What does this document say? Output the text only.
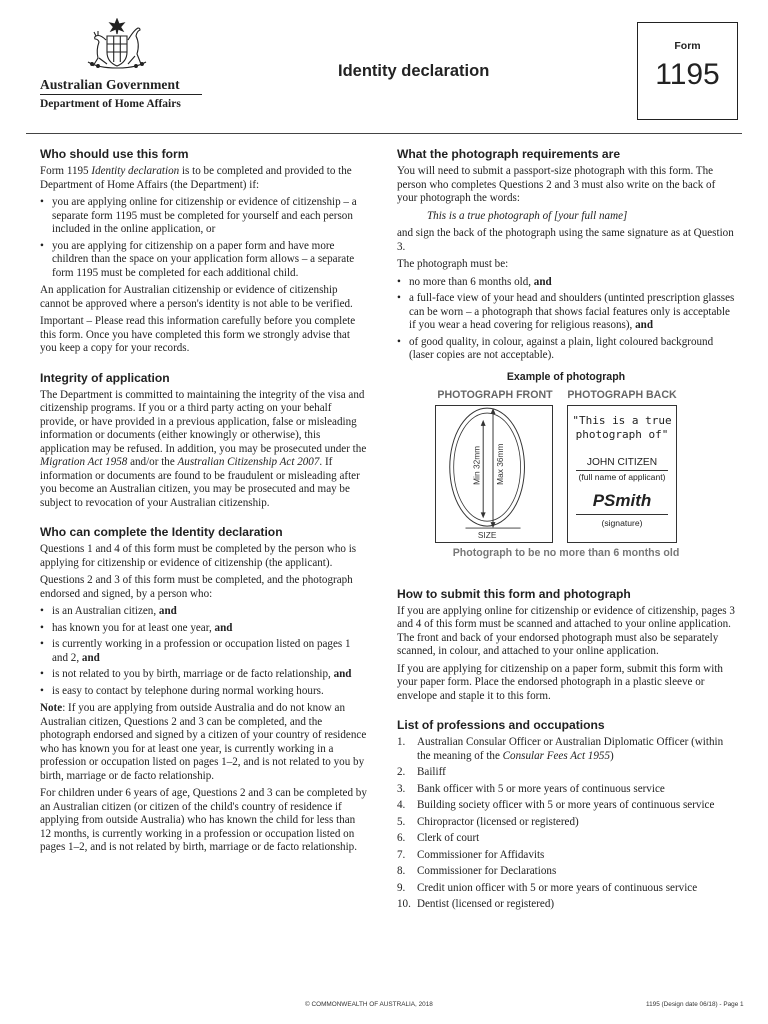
Australian Government
Department of Home Affairs
Identity declaration
Form
1195
Who should use this form

Form 1195 Identity declaration is to be completed and provided to the Department of Home Affairs (the Department) if:

• you are applying online for citizenship or evidence of citizenship – a separate form 1195 must be completed for yourself and each person included in the online application, or
• you are applying for citizenship on a paper form and have more children than the space on your application form allows – a separate form 1195 must be completed for each additional child.

An application for Australian citizenship or evidence of citizenship cannot be approved where a person's identity is not able to be verified.

Important – Please read this information carefully before you complete this form. Once you have completed this form we strongly advise that you keep a copy for your records.

Integrity of application

The Department is committed to maintaining the integrity of the visa and citizenship programs. If you or a third party acting on your behalf provide, or have provided in a previous application, false or misleading information or documents (either knowingly or otherwise), this application may be refused. In addition, you may be prosecuted under the Migration Act 1958 and/or the Australian Citizenship Act 2007. If information or documents are found to be fraudulent or misleading after you become an Australian citizen, you may be prosecuted and may be subject to revocation of your Australian citizenship.

Who can complete the Identity declaration

Questions 1 and 4 of this form must be completed by the person who is applying for citizenship or evidence of citizenship (the applicant).

Questions 2 and 3 of this form must be completed, and the photograph endorsed and signed, by a person who:

• is an Australian citizen, and
• has known you for at least one year, and
• is currently working in a profession or occupation listed on pages 1 and 2, and
• is not related to you by birth, marriage or de facto relationship, and
• is easy to contact by telephone during normal working hours.

Note: If you are applying from outside Australia and do not know an Australian citizen, Questions 2 and 3 can be completed, and the photograph endorsed and signed by a citizen of your country of residence who has known you for at least one year, is currently working in a profession or occupation listed on pages 1–2, and is not related to you by birth, marriage or de facto relationship.

For children under 6 years of age, Questions 2 and 3 can be completed by an Australian citizen (or citizen of the child's country of residence if applying from outside Australia) who has known the child for less than 12 months, is currently working in a profession or occupation listed on pages 1–2, and is not related by birth, marriage or de facto relationship.

What the photograph requirements are

You will need to submit a passport-size photograph with this form. The person who completes Questions 2 and 3 must also write on the back of your photograph the words:

This is a true photograph of [your full name]

and sign the back of the photograph using the same signature as at Question 3.

The photograph must be:

• no more than 6 months old, and
• a full-face view of your head and shoulders (untinted prescription glasses can be worn – a photograph that shows facial features only is acceptable if you wear a head covering for religious reasons), and
• of good quality, in colour, against a plain, light coloured background (laser copies are not acceptable).
Example of photograph
PHOTOGRAPH FRONT PHOTOGRAPH BACK
Min 32mm Max 36mm
SIZE
"This is a true
photograph of"
JOHN CITIZEN
(full name of applicant)
PSmith
(signature)
Photograph to be no more than 6 months old
How to submit this form and photograph

If you are applying online for citizenship or evidence of citizenship, pages 3 and 4 of this form must be scanned and attached to your online application. The front and back of your endorsed photograph must also be separately scanned, in colour, and attached to your online application.

If you are applying for citizenship on a paper form, submit this form with your paper form. Place the endorsed photograph in a plastic sleeve or envelope and staple it to this form.

List of professions and occupations
1.	Australian Consular Officer or Australian Diplomatic Officer (within the meaning of the Consular Fees Act 1955)
2.	Bailiff
3.	Bank officer with 5 or more years of continuous service
4.	Building society officer with 5 or more years of continuous service
5.	Chiropractor (licensed or registered)
6.	Clerk of court
7.	Commissioner for Affidavits
8.	Commissioner for Declarations
9.	Credit union officer with 5 or more years of continuous service
10. Dentist (licensed or registered)
© COMMONWEALTH OF AUSTRALIA, 2018	1195 (Design date 06/18) - Page 1
